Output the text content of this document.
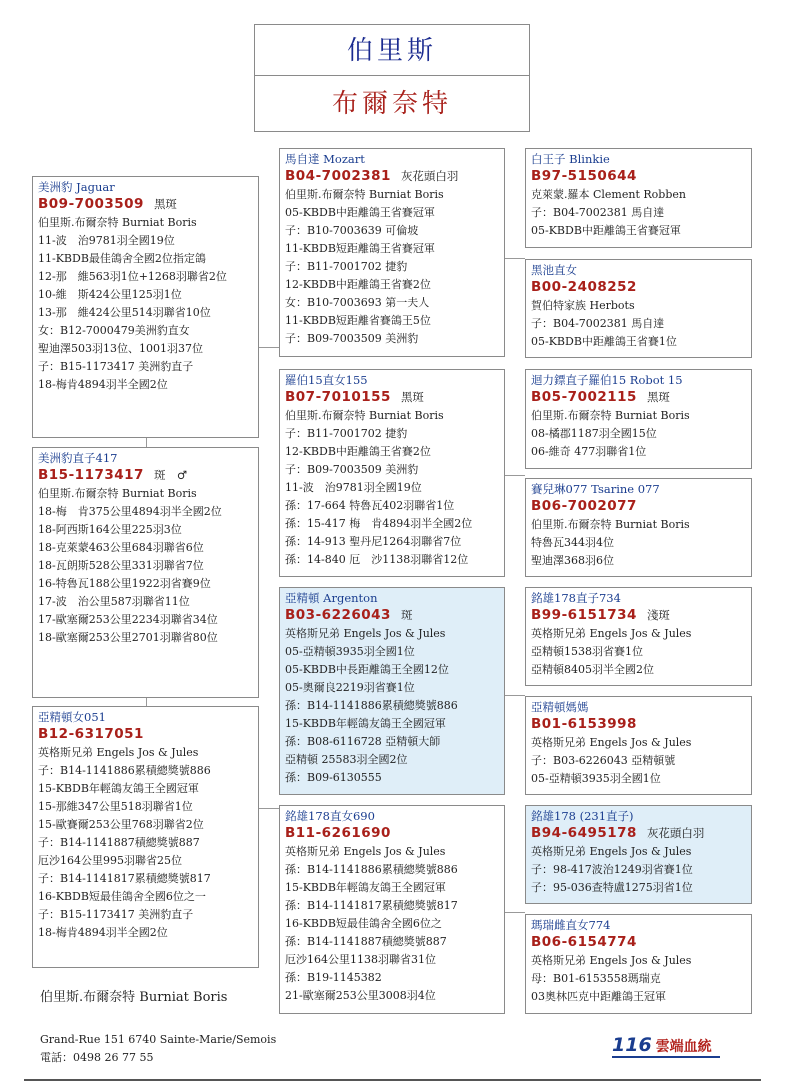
伯里斯
布爾奈特
美洲豹 Jaguar
B09-7003509 黑斑
伯里斯.布爾奈特 Burniat Boris
11-波　治9781羽全國19位
11-KBDB最佳鴿舍全國2位指定鴿
12-那　維563羽1位+1268羽聯省2位
10-維　斯424公里125羽1位
13-那　維424公里514羽聯省10位
女：B12-7000479美洲豹直女
聖迪澤503羽13位、1001羽37位
子：B15-1173417 美洲豹直子
18-梅肯4894羽半全國2位
美洲豹直子417
B15-1173417 斑　♂
伯里斯.布爾奈特 Burniat Boris
18-梅　肯375公里4894羽半全國2位
18-阿西斯164公里225羽3位
18-克萊蒙463公里684羽聯省6位
18-瓦朗斯528公里331羽聯省7位
16-特魯瓦188公里1922羽省賽9位
17-波　治公里587羽聯省11位
17-歐塞爾253公里2234羽聯省34位
18-歐塞爾253公里2701羽聯省80位
亞精頓女051
B12-6317051
英格斯兄弟 Engels Jos & Jules
子：B14-1141886累積總獎號886
15-KBDB年輕鴿友鴿王全國冠軍
15-那維347公里518羽聯省1位
15-歐賽爾253公里768羽聯省2位
子：B14-1141887積總獎號887
厄沙164公里995羽聯省25位
子：B14-1141817累積總獎號817
16-KBDB短最佳鴿舍全國6位之一
子：B15-1173417 美洲豹直子
18-梅肯4894羽半全國2位
馬自達 Mozart
B04-7002381 灰花頭白羽
伯里斯.布爾奈特 Burniat Boris
05-KBDB中距離鴿王省賽冠軍
子：B10-7003639 可倫坡
11-KBDB短距離鴿王省賽冠軍
子：B11-7001702 捷豹
12-KBDB中距離鴿王省賽2位
女：B10-7003693 第一夫人
11-KBDB短距離省賽鴿王5位
子：B09-7003509 美洲豹
羅伯15直女155
B07-7010155 黑斑
伯里斯.布爾奈特 Burniat Boris
子：B11-7001702 捷豹
12-KBDB中距離鴿王省賽2位
子：B09-7003509 美洲豹
11-波　治9781羽全國19位
孫：17-664 特魯瓦402羽聯省1位
孫：15-417 梅　肯4894羽半全國2位
孫：14-913 聖丹尼1264羽聯省7位
孫：14-840 厄　沙1138羽聯省12位
亞精頓 Argenton
B03-6226043 斑
英格斯兄弟 Engels Jos & Jules
05-亞精頓3935羽全國1位
05-KBDB中長距離鴿王全國12位
05-奧爾良2219羽省賽1位
孫：B14-1141886累積總獎號886
15-KBDB年輕鴿友鴿王全國冠軍
孫：B08-6116728 亞精頓大師
亞精頓 25583羽全國2位
孫：B09-6130555
銘雄178直女690
B11-6261690
英格斯兄弟 Engels Jos & Jules
孫：B14-1141886累積總獎號886
15-KBDB年輕鴿友鴿王全國冠軍
孫：B14-1141817累積總獎號817
16-KBDB短最佳鴿舍全國6位之
孫：B14-1141887積總獎號887
厄沙164公里1138羽聯省31位
孫：B19-1145382
21-歐塞爾253公里3008羽4位
白王子 Blinkie
B97-5150644
克萊蒙.羅本 Clement Robben
子：B04-7002381 馬自達
05-KBDB中距離鴿王省賽冠軍
黑池直女
B00-2408252
賀伯特家族 Herbots
子：B04-7002381 馬自達
05-KBDB中距離鴿王省賽1位
迴力鏢直子羅伯15 Robot 15
B05-7002115 黑斑
伯里斯.布爾奈特 Burniat Boris
08-橘郡1187羽全國15位
06-維奇 477羽聯省1位
賽兒琳077 Tsarine 077
B06-7002077
伯里斯.布爾奈特 Burniat Boris
特魯瓦344羽4位
聖迪澤368羽6位
銘雄178直子734
B99-6151734 淺斑
英格斯兄弟 Engels Jos & Jules
亞精頓1538羽省賽1位
亞精頓8405羽半全國2位
亞精頓媽媽
B01-6153998
英格斯兄弟 Engels Jos & Jules
子：B03-6226043 亞精頓號
05-亞精頓3935羽全國1位
銘雄178 (231直子)
B94-6495178 灰花頭白羽
英格斯兄弟 Engels Jos & Jules
子：98-417波治1249羽省賽1位
子：95-036查特盧1275羽省1位
瑪瑞雌直女774
B06-6154774
英格斯兄弟 Engels Jos & Jules
母：B01-6153558瑪瑞克
03奧林匹克中距離鴿王冠軍
伯里斯.布爾奈特 Burniat Boris
Grand-Rue 151 6740 Sainte-Marie/Semois
電話：0498 26 77 55
116 雲端血統
